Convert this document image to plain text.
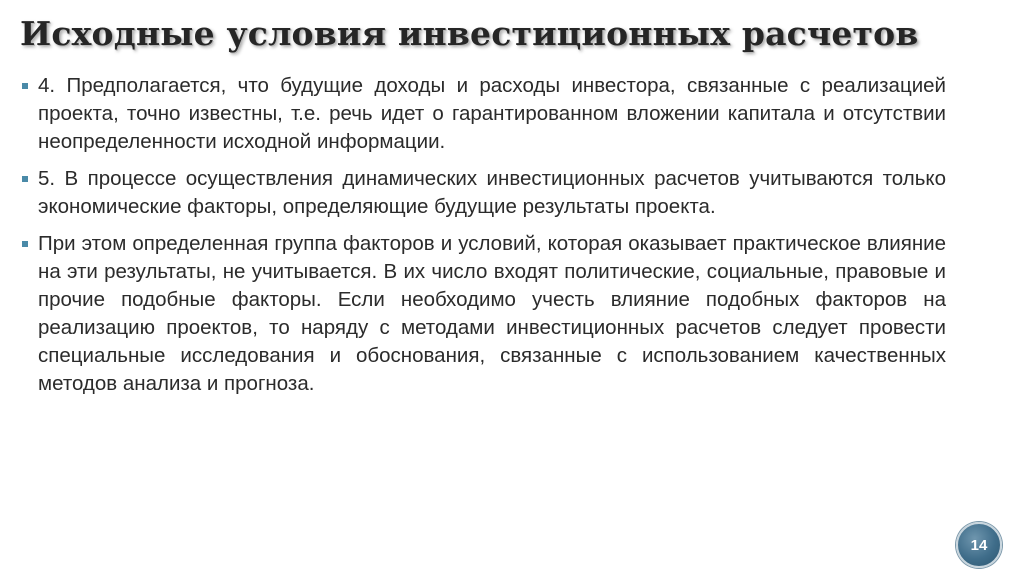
Исходные условия инвестиционных расчетов
4. Предполагается, что будущие доходы и расходы инвестора, связанные с реализацией проекта, точно известны, т.е. речь идет о гарантированном вложении капитала и отсутствии неопределенности исходной информации.
5. В процессе осуществления динамических инвестиционных расчетов учитываются только экономические факторы, определяющие будущие результаты проекта.
При этом определенная группа факторов и условий, которая оказывает практическое влияние на эти результаты, не учитывается. В их число входят политические, социальные, правовые и прочие подобные факторы. Если необходимо учесть влияние подобных факторов на реализацию проектов, то наряду с методами инвестиционных расчетов следует провести специальные исследования и обоснования, связанные с использованием качественных методов анализа и прогноза.
14
